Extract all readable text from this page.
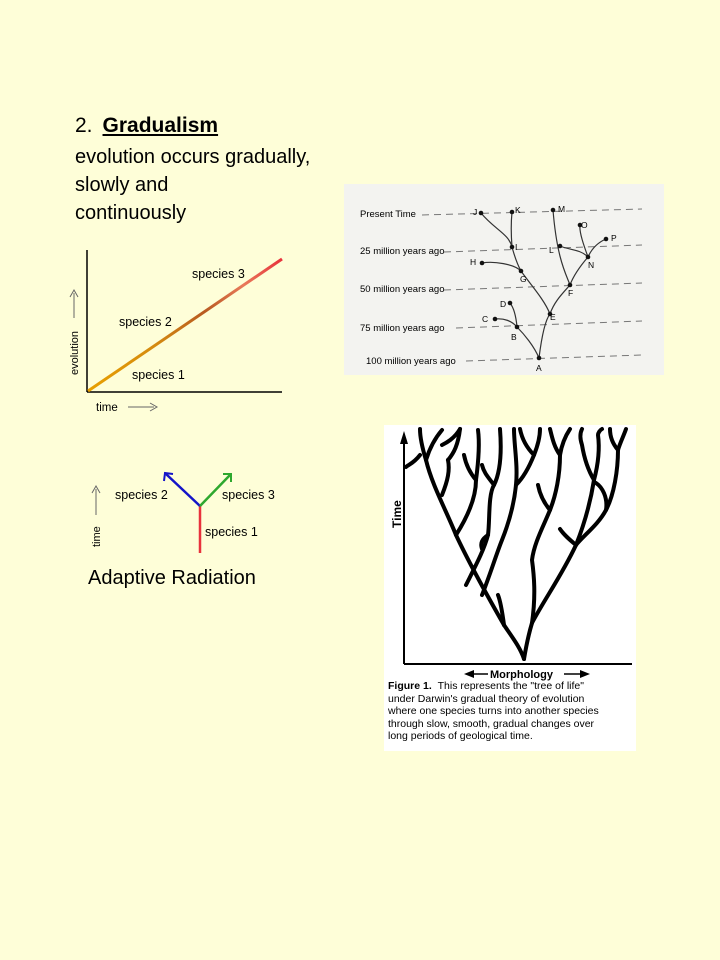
2. Gradualism
evolution occurs gradually,
slowly and
continuously
species 3
species 2
species 1
evolution
time
species 2	species 3
species 1
time
Adaptive Radiation
Present Time
25 million years ago
50 million years ago
75 million years ago
100 million years ago
J	K	M
O
P
I	L
N
H
G
F
D
E
C
B
A
Time
Morphology
Figure 1. This represents the "tree of life"
under Darwin's gradual theory of evolution
where one species turns into another species
through slow, smooth, gradual changes over
long periods of geological time.
